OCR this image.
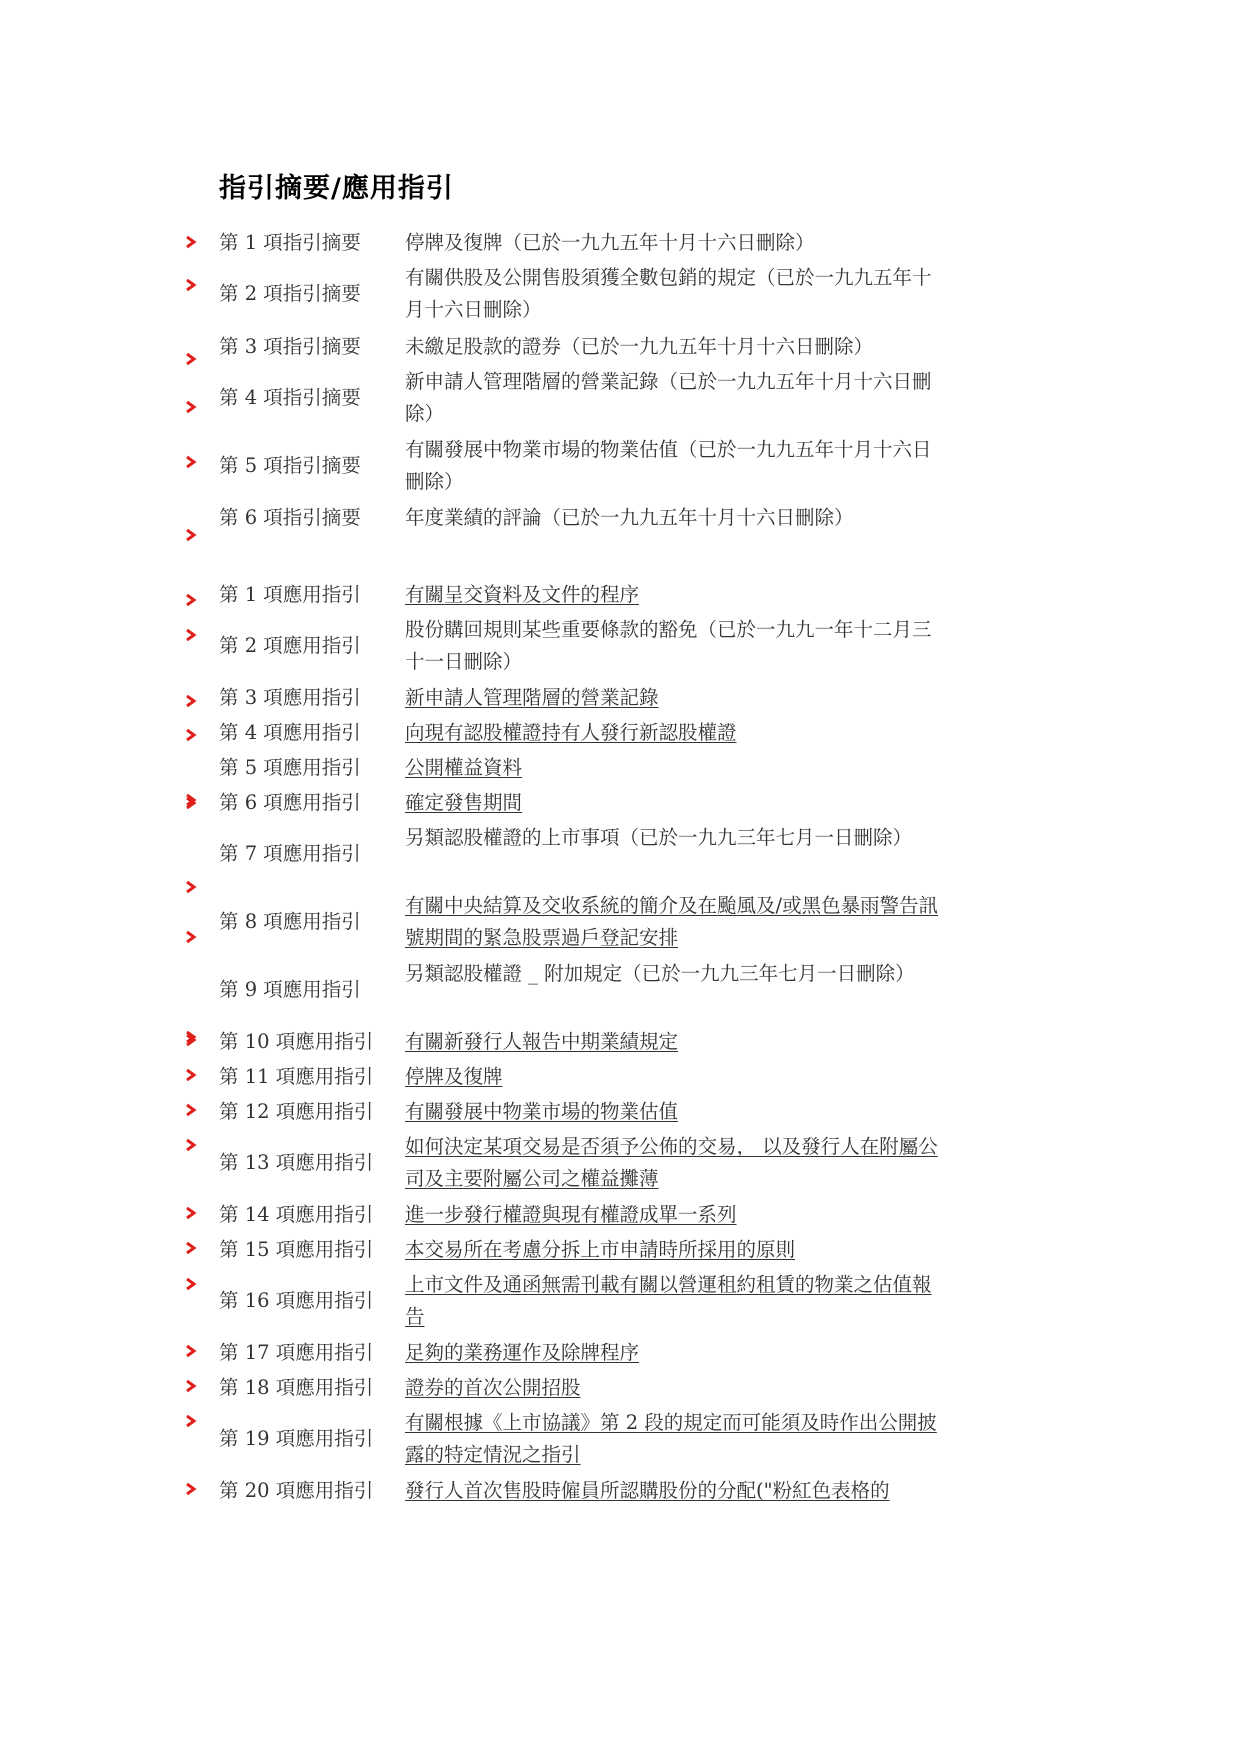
指引摘要/應用指引
第 1 項指引摘要 停牌及復牌（已於一九九五年十月十六日刪除）
第 2 項指引摘要
有關供股及公開售股須獲全數包銷的規定（已於一九九五年十月十六日刪除）
第 3 項指引摘要 未繳足股款的證券（已於一九九五年十月十六日刪除）
第 4 項指引摘要
新申請人管理階層的營業記錄（已於一九九五年十月十六日刪除）
第 5 項指引摘要
有關發展中物業市場的物業估值（已於一九九五年十月十六日刪除）
第 6 項指引摘要 年度業績的評論（已於一九九五年十月十六日刪除）
第 1 項應用指引 有關呈交資料及文件的程序
第 2 項應用指引
股份購回規則某些重要條款的豁免（已於一九九一年十二月三十一日刪除）
第 3 項應用指引 新申請人管理階層的營業記錄
第 4 項應用指引 向現有認股權證持有人發行新認股權證
第 5 項應用指引 公開權益資料
第 6 項應用指引 確定發售期間
第 7 項應用指引
另類認股權證的上市事項（已於一九九三年七月一日刪除）
第 8 項應用指引
有關中央結算及交收系統的簡介及在颱風及/或黑色暴雨警告訊號期間的緊急股票過戶登記安排
第 9 項應用指引
另類認股權證 _ 附加規定（已於一九九三年七月一日刪除）
第 10 項應用指引 有關新發行人報告中期業績規定
第 11 項應用指引 停牌及復牌
第 12 項應用指引 有關發展中物業市場的物業估值
第 13 項應用指引
如何決定某項交易是否須予公佈的交易， 以及發行人在附屬公司及主要附屬公司之權益攤薄
第 14 項應用指引 進一步發行權證與現有權證成單一系列
第 15 項應用指引 本交易所在考慮分拆上市申請時所採用的原則
第 16 項應用指引
上市文件及通函無需刊載有關以營運租約租賃的物業之估值報告
第 17 項應用指引 足夠的業務運作及除牌程序
第 18 項應用指引 證券的首次公開招股
第 19 項應用指引
有關根據《上市協議》第 2 段的規定而可能須及時作出公開披露的特定情況之指引
第 20 項應用指引 發行人首次售股時僱員所認購股份的分配("粉紅色表格的
